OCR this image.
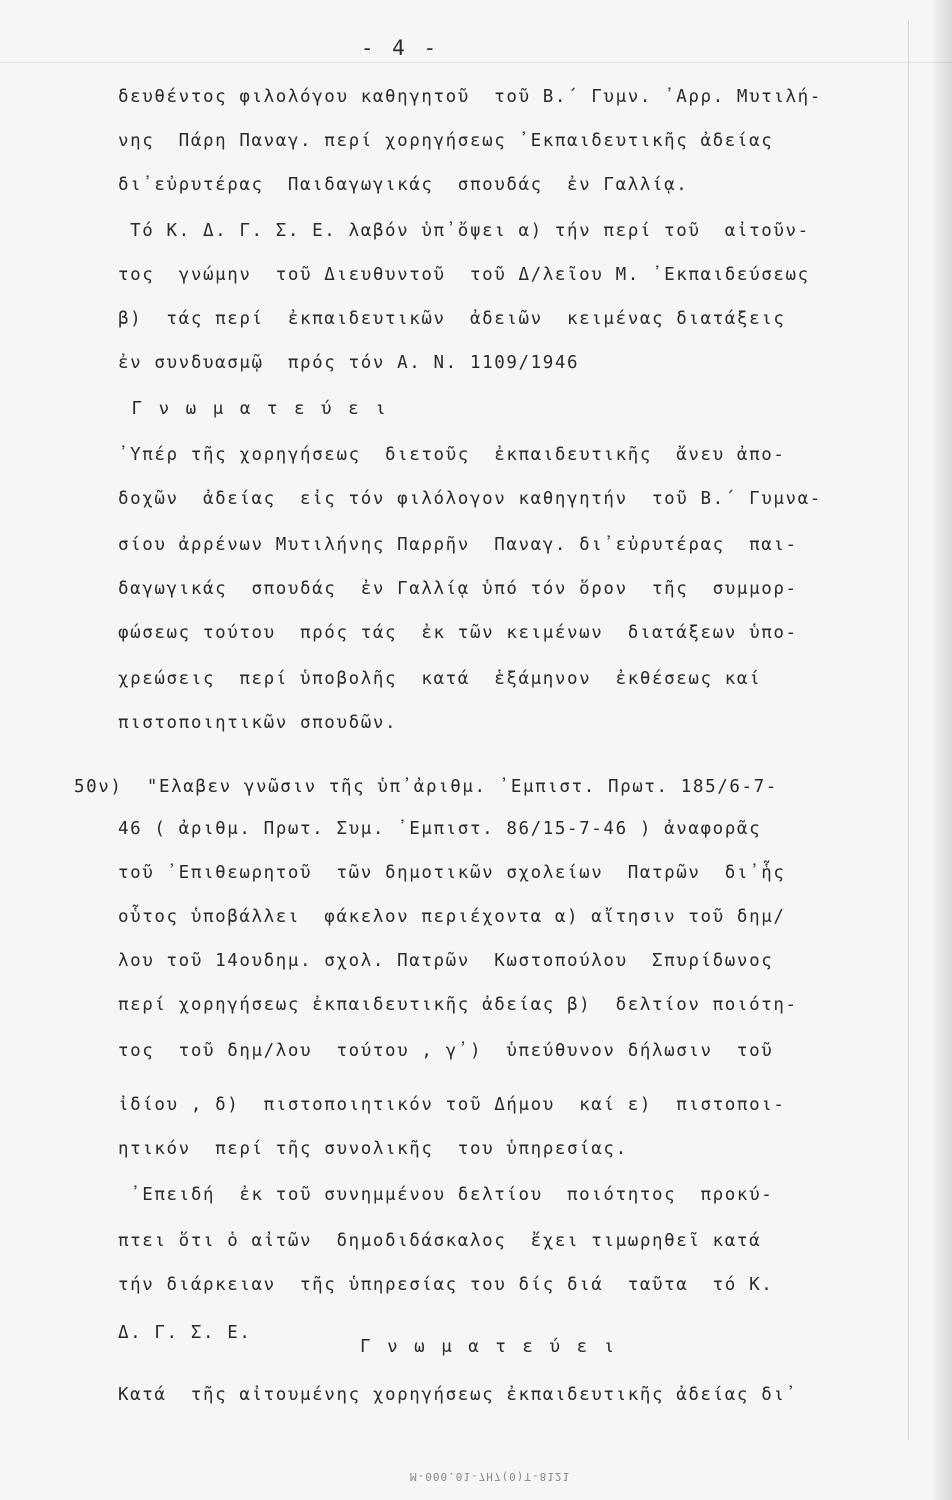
- 4 -
δευθέντος φιλολόγου καθηγητοῦ  τοῦ Β.΄ Γυμν. ᾽Αρρ. Μυτιλή-
νης  Πάρη Παναγ. περί χορηγήσεως ᾽Εκπαιδευτικῆς ἀδείας
δι᾽εὐρυτέρας  Παιδαγωγικάς  σπουδάς  ἐν Γαλλίᾳ.
Τό Κ. Δ. Γ. Σ. Ε. λαβόν ὑπ᾽ὄψει α) τήν περί τοῦ  αἰτοῦν-
τος  γνώμην  τοῦ Διευθυντοῦ  τοῦ Δ/λεῖου Μ. ᾽Εκπαιδεύσεως
β)  τάς περί  ἐκπαιδευτικῶν  ἀδειῶν  κειμένας διατάξεις
ἐν συνδυασμῷ  πρός τόν Α. Ν. 1109/1946
Γ ν ω μ α τ ε ύ ε ι
᾽Υπέρ τῆς χορηγήσεως  διετοῦς  ἐκπαιδευτικῆς  ἄνευ ἀπο-
δοχῶν  ἀδείας  εἰς τόν φιλόλογον καθηγητήν  τοῦ Β.΄ Γυμνα-
σίου ἀρρένων Μυτιλήνης Παρρῆν  Παναγ. δι᾽εὐρυτέρας  παι-
δαγωγικάς  σπουδάς  ἐν Γαλλίᾳ ὑπό τόν ὅρον  τῆς  συμμορ-
φώσεως τούτου  πρός τάς  ἐκ τῶν κειμένων  διατάξεων ὑπο-
χρεώσεις  περί ὑποβολῆς  κατά  ἑξάμηνον  ἐκθέσεως καί
πιστοποιητικῶν σπουδῶν.
50ν)  "Ελαβεν γνῶσιν τῆς ὑπ᾽ἀριθμ. ᾽Εμπιστ. Πρωτ. 185/6-7-
46 ( ἀριθμ. Πρωτ. Συμ. ᾽Εμπιστ. 86/15-7-46 ) ἀναφορᾶς
τοῦ ᾽Επιθεωρητοῦ  τῶν δημοτικῶν σχολείων  Πατρῶν  δι᾽ἧς
οὗτος ὑποβάλλει  φάκελον περιέχοντα α) αἴτησιν τοῦ δημ/
λου τοῦ 14ουδημ. σχολ. Πατρῶν  Κωστοπούλου  Σπυρίδωνος
περί χορηγήσεως ἐκπαιδευτικῆς ἀδείας β)  δελτίον ποιότη-
τος  τοῦ δημ/λου  τούτου , γ᾽)  ὑπεύθυνον δήλωσιν  τοῦ
ἰδίου , δ)  πιστοποιητικόν τοῦ Δήμου  καί ε)  πιστοποι-
ητικόν  περί τῆς συνολικῆς  του ὑπηρεσίας.
᾽Επειδή  ἐκ τοῦ συνημμένου δελτίου  ποιότητος  προκύ-
πτει ὅτι ὁ αἰτῶν  δημοδιδάσκαλος  ἔχει τιμωρηθεῖ κατά
τήν διάρκειαν  τῆς ὑπηρεσίας του δίς διά  ταῦτα  τό Κ.
Δ. Γ. Σ. Ε.
Γ ν ω μ α τ ε ύ ε ι
Κατά  τῆς αἰτουμένης χορηγήσεως ἐκπαιδευτικῆς ἀδείας δι᾽
M-000.01-7H7(0)T-8121
